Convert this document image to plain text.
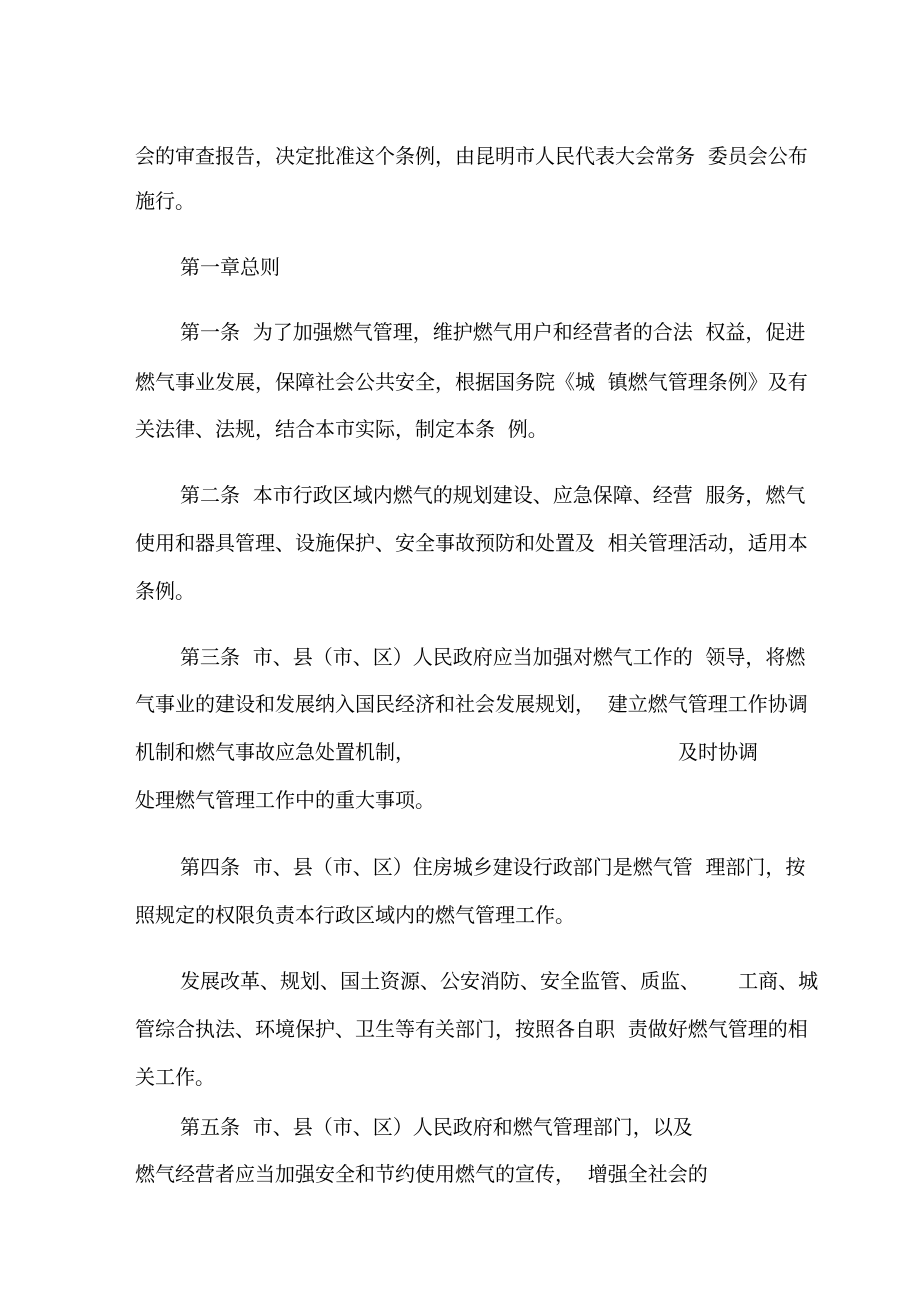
会的审查报告，决定批准这个条例，由昆明市人民代表大会常务  委员会公布

施行。

第一章总则

第一条  为了加强燃气管理，维护燃气用户和经营者的合法  权益，促进

燃气事业发展，保障社会公共安全，根据国务院《城  镇燃气管理条例》及有

关法律、法规，结合本市实际，制定本条  例。

第二条  本市行政区域内燃气的规划建设、应急保障、经营  服务，燃气

使用和器具管理、设施保护、安全事故预防和处置及  相关管理活动，适用本

条例。

第三条  市、县（市、区）人民政府应当加强对燃气工作的  领导，将燃

气事业的建设和发展纳入国民经济和社会发展规划，  建立燃气管理工作协调

机制和燃气事故应急处置机制，	及时协调

处理燃气管理工作中的重大事项。

第四条  市、县（市、区）住房城乡建设行政部门是燃气管  理部门，按

照规定的权限负责本行政区域内的燃气管理工作。

发展改革、规划、国土资源、公安消防、安全监管、质监、      工商、城

管综合执法、环境保护、卫生等有关部门，按照各自职  责做好燃气管理的相

关工作。

第五条  市、县（市、区）人民政府和燃气管理部门，以及

燃气经营者应当加强安全和节约使用燃气的宣传，  增强全社会的
